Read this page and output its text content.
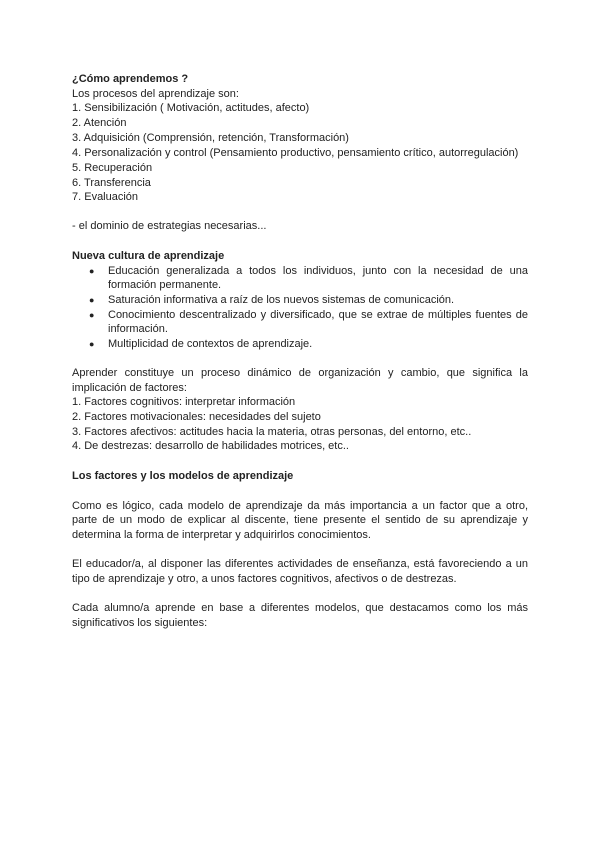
¿Cómo aprendemos ?
Los procesos del aprendizaje son:
1. Sensibilización ( Motivación, actitudes, afecto)
2. Atención
3. Adquisición (Comprensión, retención, Transformación)
4. Personalización y control (Pensamiento productivo, pensamiento crítico, autorregulación)
5. Recuperación
6. Transferencia
7. Evaluación
- el dominio de estrategias necesarias...
Nueva cultura de aprendizaje
● Educación generalizada a todos los individuos, junto con la necesidad de una
formación permanente.
● Saturación informativa a raíz de los nuevos sistemas de comunicación.
● Conocimiento descentralizado y diversificado, que se extrae de múltiples fuentes de
información.
● Multiplicidad de contextos de aprendizaje.
Aprender constituye un proceso dinámico de organización y cambio, que significa la
implicación de factores:
1. Factores cognitivos: interpretar información
2. Factores motivacionales: necesidades del sujeto
3. Factores afectivos: actitudes hacia la materia, otras personas, del entorno, etc..
4. De destrezas: desarrollo de habilidades motrices, etc..
Los factores y los modelos de aprendizaje
Como es lógico, cada modelo de aprendizaje da más importancia a un factor que a otro,
parte de un modo de explicar al discente, tiene presente el sentido de su aprendizaje y
determina la forma de interpretar y adquirirlos conocimientos.
El educador/a, al disponer las diferentes actividades de enseñanza, está favoreciendo a un
tipo de aprendizaje y otro, a unos factores cognitivos, afectivos o de destrezas.
Cada alumno/a aprende en base a diferentes modelos, que destacamos como los más
significativos los siguientes:
